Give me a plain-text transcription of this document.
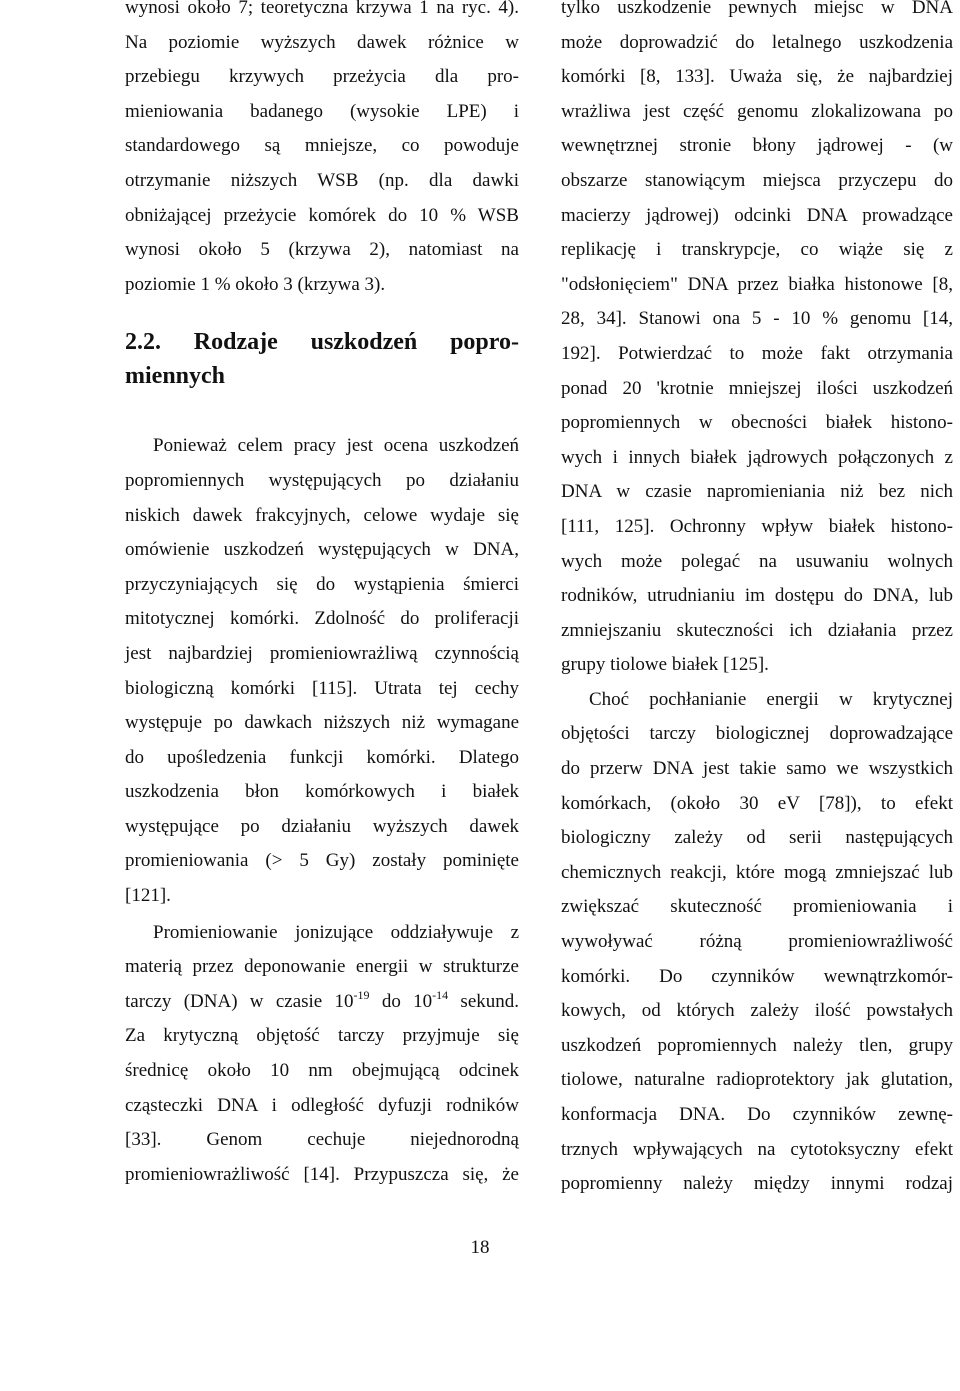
wynosi około 7; teoretyczna krzywa 1 na ryc. 4).
Na poziomie wyższych dawek różnice w
przebiegu krzywych przeżycia dla pro-
mieniowania badanego (wysokie LPE) i
standardowego są mniejsze, co powoduje
otrzymanie niższych WSB (np. dla dawki
obniżającej przeżycie komórek do 10 % WSB
wynosi około 5 (krzywa 2), natomiast na
poziomie 1 % około 3 (krzywa 3).
2.2. Rodzaje uszkodzeń popro-
miennych
Ponieważ celem pracy jest ocena uszkodzeń
popromiennych występujących po działaniu
niskich dawek frakcyjnych, celowe wydaje się
omówienie uszkodzeń występujących w DNA,
przyczyniających się do wystąpienia śmierci
mitotycznej komórki. Zdolność do proliferacji
jest najbardziej promieniowrażliwą czynnością
biologiczną komórki [115]. Utrata tej cechy
występuje po dawkach niższych niż wymagane
do upośledzenia funkcji komórki. Dlatego
uszkodzenia błon komórkowych i białek
występujące po działaniu wyższych dawek
promieniowania (> 5 Gy) zostały pominięte
[121].
Promieniowanie jonizujące oddziaływuje z
materią przez deponowanie energii w strukturze
tarczy (DNA) w czasie $10^{-19}$ do $10^{-14}$ sekund.
Za krytyczną objętość tarczy przyjmuje się
średnicę około 10 nm obejmującą odcinek
cząsteczki DNA i odległość dyfuzji rodników
[33]. Genom cechuje niejednorodną
promieniowrażliwość [14]. Przypuszcza się, że
tylko uszkodzenie pewnych miejsc w DNA
może doprowadzić do letalnego uszkodzenia
komórki [8, 133]. Uważa się, że najbardziej
wrażliwa jest część genomu zlokalizowana po
wewnętrznej stronie błony jądrowej - (w
obszarze stanowiącym miejsca przyczepu do
macierzy jądrowej) odcinki DNA prowadzące
replikację i transkrypcje, co wiąże się z
"odsłonięciem" DNA przez białka histonowe [8,
28, 34]. Stanowi ona 5 - 10 % genomu [14,
192]. Potwierdzać to może fakt otrzymania
ponad 20 'krotnie mniejszej ilości uszkodzeń
popromiennych w obecności białek histono-
wych i innych białek jądrowych połączonych z
DNA w czasie napromieniania niż bez nich
[111, 125]. Ochronny wpływ białek histono-
wych może polegać na usuwaniu wolnych
rodników, utrudnianiu im dostępu do DNA, lub
zmniejszaniu skuteczności ich działania przez
grupy tiolowe białek [125].
Choć pochłanianie energii w krytycznej
objętości tarczy biologicznej doprowadzające
do przerw DNA jest takie samo we wszystkich
komórkach, (około 30 eV [78]), to efekt
biologiczny zależy od serii następujących
chemicznych reakcji, które mogą zmniejszać lub
zwiększać skuteczność promieniowania i
wywoływać różną promieniowrażliwość
komórki. Do czynników wewnątrzkomór-
kowych, od których zależy ilość powstałych
uszkodzeń popromiennych należy tlen, grupy
tiolowe, naturalne radioprotektory jak glutation,
konformacja DNA. Do czynników zewnę-
trznych wpływających na cytotoksyczny efekt
popromienny należy między innymi rodzaj
18
